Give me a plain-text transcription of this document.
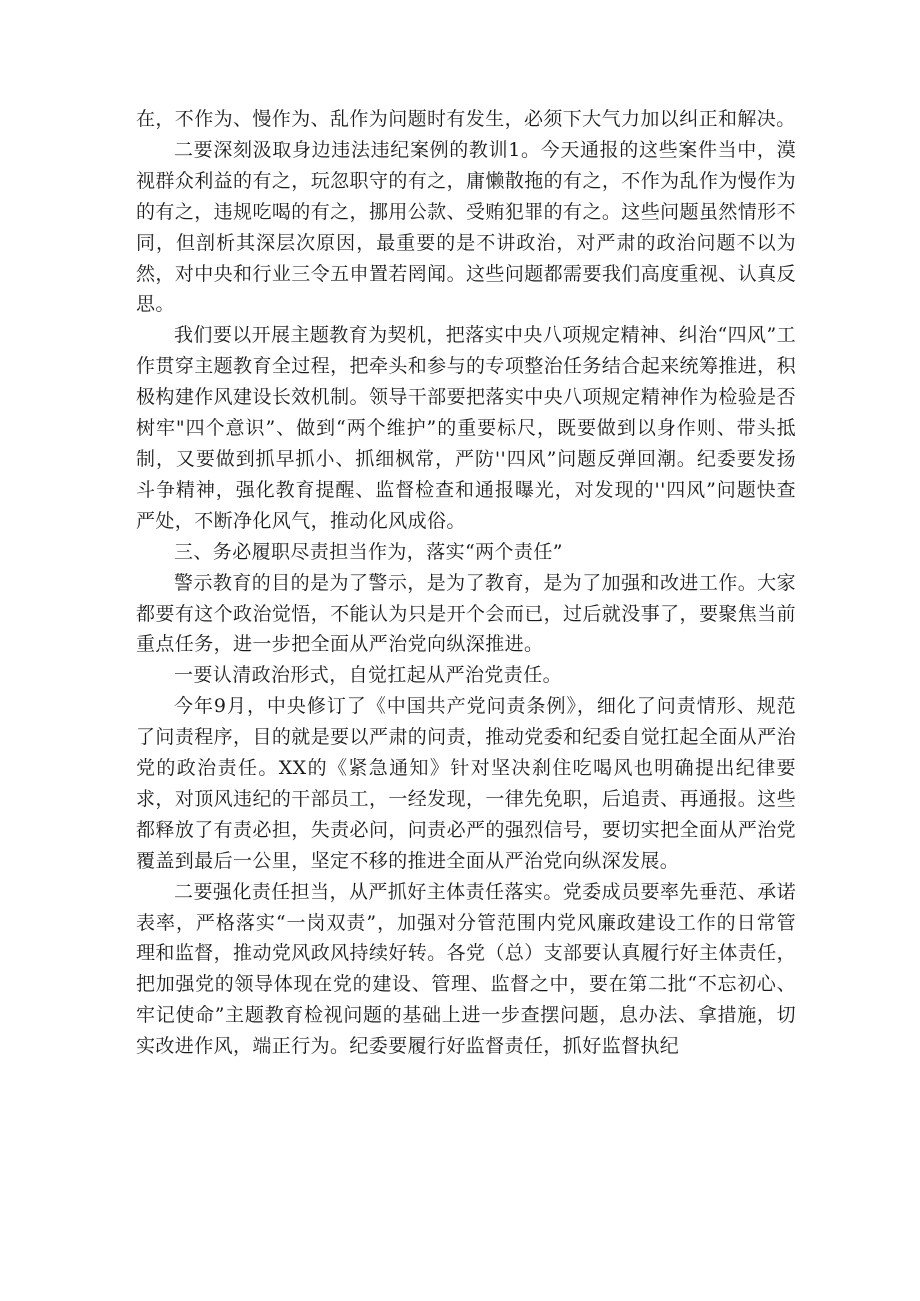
在，不作为、慢作为、乱作为问题时有发生，必须下大气力加以纠正和解决。

二要深刻汲取身边违法违纪案例的教训1。今天通报的这些案件当中，漠视群众利益的有之，玩忽职守的有之，庸懒散拖的有之，不作为乱作为慢作为的有之，违规吃喝的有之，挪用公款、受贿犯罪的有之。这些问题虽然情形不同，但剖析其深层次原因，最重要的是不讲政治，对严肃的政治问题不以为然，对中央和行业三令五申置若罔闻。这些问题都需要我们高度重视、认真反思。

我们要以开展主题教育为契机，把落实中央八项规定精神、纠治“四风”工作贯穿主题教育全过程，把牵头和参与的专项整治任务结合起来统筹推进，积极构建作风建设长效机制。领导干部要把落实中央八项规定精神作为检验是否树牢"四个意识”、做到“两个维护”的重要标尺，既要做到以身作则、带头抵制，又要做到抓早抓小、抓细枫常，严防''四风”问题反弹回潮。纪委要发扬斗争精神，强化教育提醒、监督检查和通报曝光，对发现的''四风”问题快查严处，不断净化风气，推动化风成俗。

三、务必履职尽责担当作为，落实“两个责任”

警示教育的目的是为了警示，是为了教育，是为了加强和改进工作。大家都要有这个政治觉悟，不能认为只是开个会而已，过后就没事了，要聚焦当前重点任务，进一步把全面从严治党向纵深推进。

一要认清政治形式，自觉扛起从严治党责任。

今年9月，中央修订了《中国共产党问责条例》，细化了问责情形、规范了问责程序，目的就是要以严肃的问责，推动党委和纪委自觉扛起全面从严治党的政治责任。XX的《紧急通知》针对坚决刹住吃喝风也明确提出纪律要求，对顶风违纪的干部员工，一经发现，一律先免职，后追责、再通报。这些都释放了有责必担，失责必问，问责必严的强烈信号，要切实把全面从严治党覆盖到最后一公里，坚定不移的推进全面从严治党向纵深发展。

二要强化责任担当，从严抓好主体责任落实。党委成员要率先垂范、承诺表率，严格落实“一岗双责”，加强对分管范围内党风廉政建设工作的日常管理和监督，推动党风政风持续好转。各党（总）支部要认真履行好主体责任，把加强党的领导体现在党的建设、管理、监督之中，要在第二批“不忘初心、牢记使命”主题教育检视问题的基础上进一步查摆问题，息办法、拿措施，切实改进作风，端正行为。纪委要履行好监督责任，抓好监督执纪
